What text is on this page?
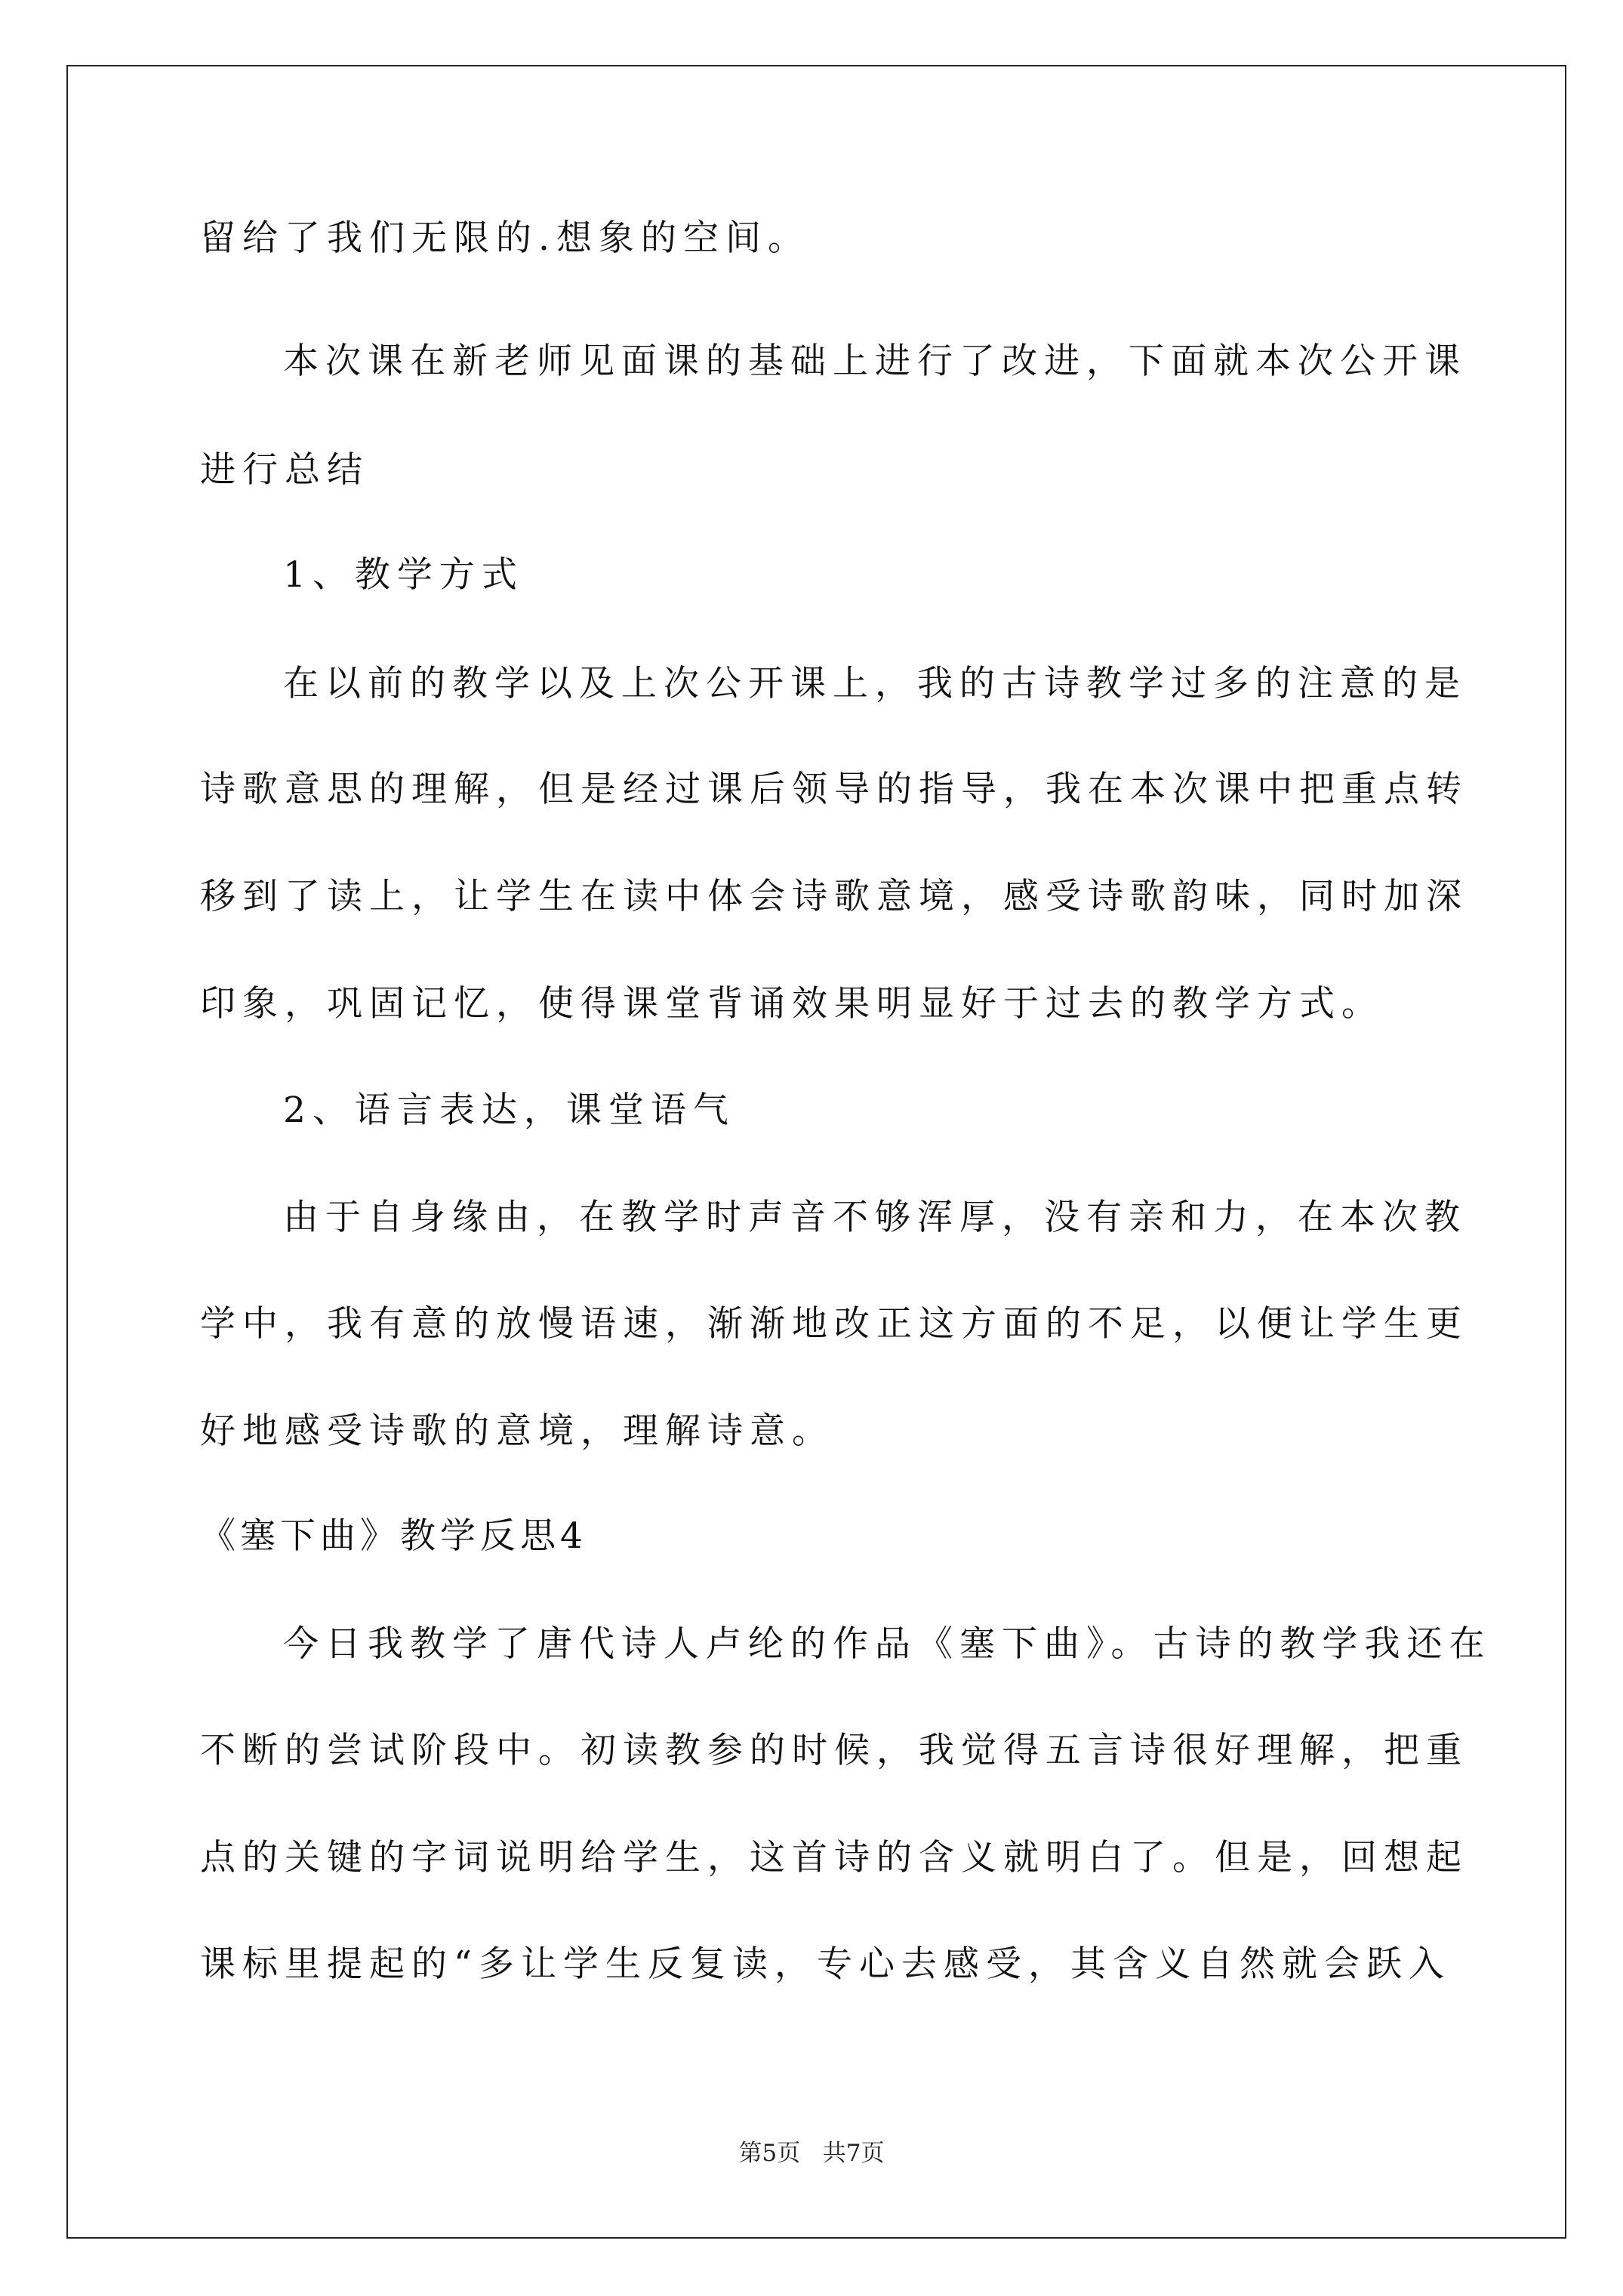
留给了我们无限的.想象的空间。
本次课在新老师见面课的基础上进行了改进，下面就本次公开课
进行总结
1、教学方式
在以前的教学以及上次公开课上，我的古诗教学过多的注意的是
诗歌意思的理解，但是经过课后领导的指导，我在本次课中把重点转
移到了读上，让学生在读中体会诗歌意境，感受诗歌韵味，同时加深
印象，巩固记忆，使得课堂背诵效果明显好于过去的教学方式。
2、语言表达，课堂语气
由于自身缘由，在教学时声音不够浑厚，没有亲和力，在本次教
学中，我有意的放慢语速，渐渐地改正这方面的不足，以便让学生更
好地感受诗歌的意境，理解诗意。
《塞下曲》教学反思4
今日我教学了唐代诗人卢纶的作品《塞下曲》。古诗的教学我还在
不断的尝试阶段中。初读教参的时候，我觉得五言诗很好理解，把重
点的关键的字词说明给学生，这首诗的含义就明白了。但是，回想起
课标里提起的“多让学生反复读，专心去感受，其含义自然就会跃入
第5页   共7页
